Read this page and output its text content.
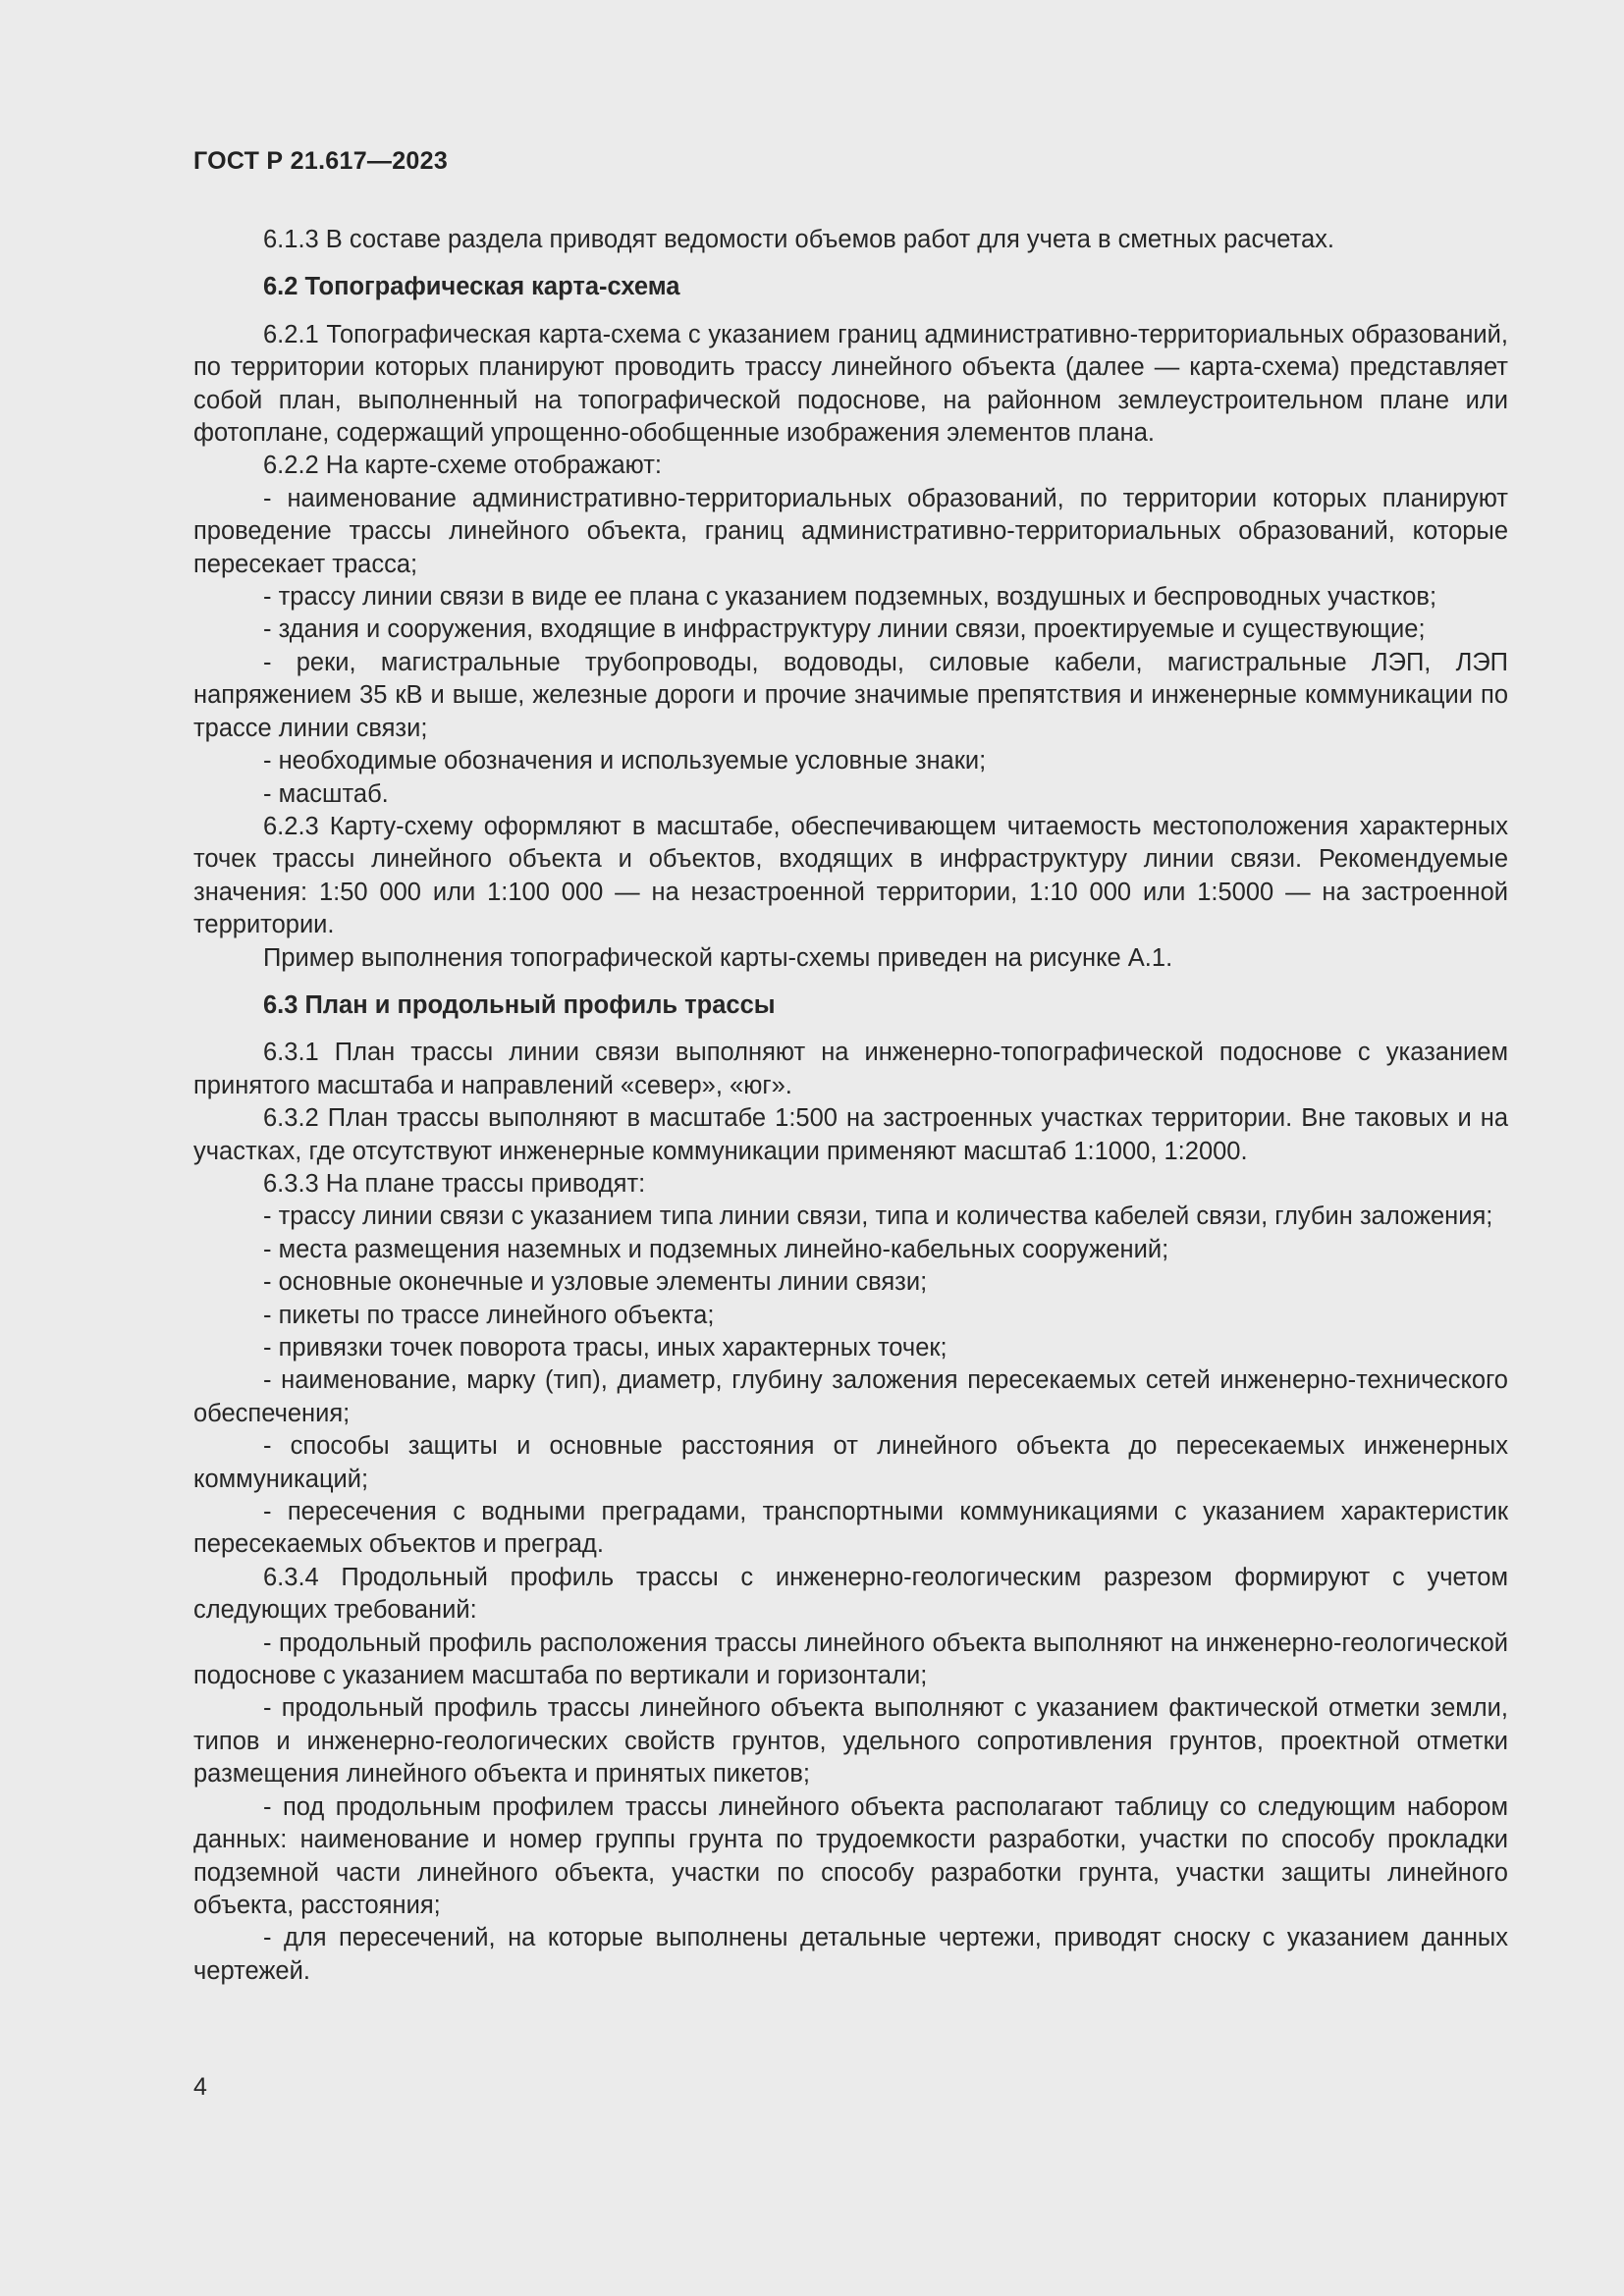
ГОСТ Р 21.617—2023

6.1.3 В составе раздела приводят ведомости объемов работ для учета в сметных расчетах.

6.2 Топографическая карта-схема

6.2.1 Топографическая карта-схема с указанием границ административно-территориальных образований, по территории которых планируют проводить трассу линейного объекта (далее — карта-схема) представляет собой план, выполненный на топографической подоснове, на районном землеустроительном плане или фотоплане, содержащий упрощенно-обобщенные изображения элементов плана.

6.2.2 На карте-схеме отображают:

- наименование административно-территориальных образований, по территории которых планируют проведение трассы линейного объекта, границ административно-территориальных образований, которые пересекает трасса;

- трассу линии связи в виде ее плана с указанием подземных, воздушных и беспроводных участков;

- здания и сооружения, входящие в инфраструктуру линии связи, проектируемые и существующие;

- реки, магистральные трубопроводы, водоводы, силовые кабели, магистральные ЛЭП, ЛЭП напряжением 35 кВ и выше, железные дороги и прочие значимые препятствия и инженерные коммуникации по трассе линии связи;

- необходимые обозначения и используемые условные знаки;

- масштаб.

6.2.3 Карту-схему оформляют в масштабе, обеспечивающем читаемость местоположения характерных точек трассы линейного объекта и объектов, входящих в инфраструктуру линии связи. Рекомендуемые значения: 1:50 000 или 1:100 000 — на незастроенной территории, 1:10 000 или 1:5000 — на застроенной территории.

Пример выполнения топографической карты-схемы приведен на рисунке А.1.

6.3 План и продольный профиль трассы

6.3.1 План трассы линии связи выполняют на инженерно-топографической подоснове с указанием принятого масштаба и направлений «север», «юг».

6.3.2 План трассы выполняют в масштабе 1:500 на застроенных участках территории. Вне таковых и на участках, где отсутствуют инженерные коммуникации применяют масштаб 1:1000, 1:2000.

6.3.3 На плане трассы приводят:

- трассу линии связи с указанием типа линии связи, типа и количества кабелей связи, глубин заложения;

- места размещения наземных и подземных линейно-кабельных сооружений;

- основные оконечные и узловые элементы линии связи;

- пикеты по трассе линейного объекта;

- привязки точек поворота трасы, иных характерных точек;

- наименование, марку (тип), диаметр, глубину заложения пересекаемых сетей инженерно-технического обеспечения;

- способы защиты и основные расстояния от линейного объекта до пересекаемых инженерных коммуникаций;

- пересечения с водными преградами, транспортными коммуникациями с указанием характеристик пересекаемых объектов и преград.

6.3.4 Продольный профиль трассы с инженерно-геологическим разрезом формируют с учетом следующих требований:

- продольный профиль расположения трассы линейного объекта выполняют на инженерно-геологической подоснове с указанием масштаба по вертикали и горизонтали;

- продольный профиль трассы линейного объекта выполняют с указанием фактической отметки земли, типов и инженерно-геологических свойств грунтов, удельного сопротивления грунтов, проектной отметки размещения линейного объекта и принятых пикетов;

- под продольным профилем трассы линейного объекта располагают таблицу со следующим набором данных: наименование и номер группы грунта по трудоемкости разработки, участки по способу прокладки подземной части линейного объекта, участки по способу разработки грунта, участки защиты линейного объекта, расстояния;

- для пересечений, на которые выполнены детальные чертежи, приводят сноску с указанием данных чертежей.

4
